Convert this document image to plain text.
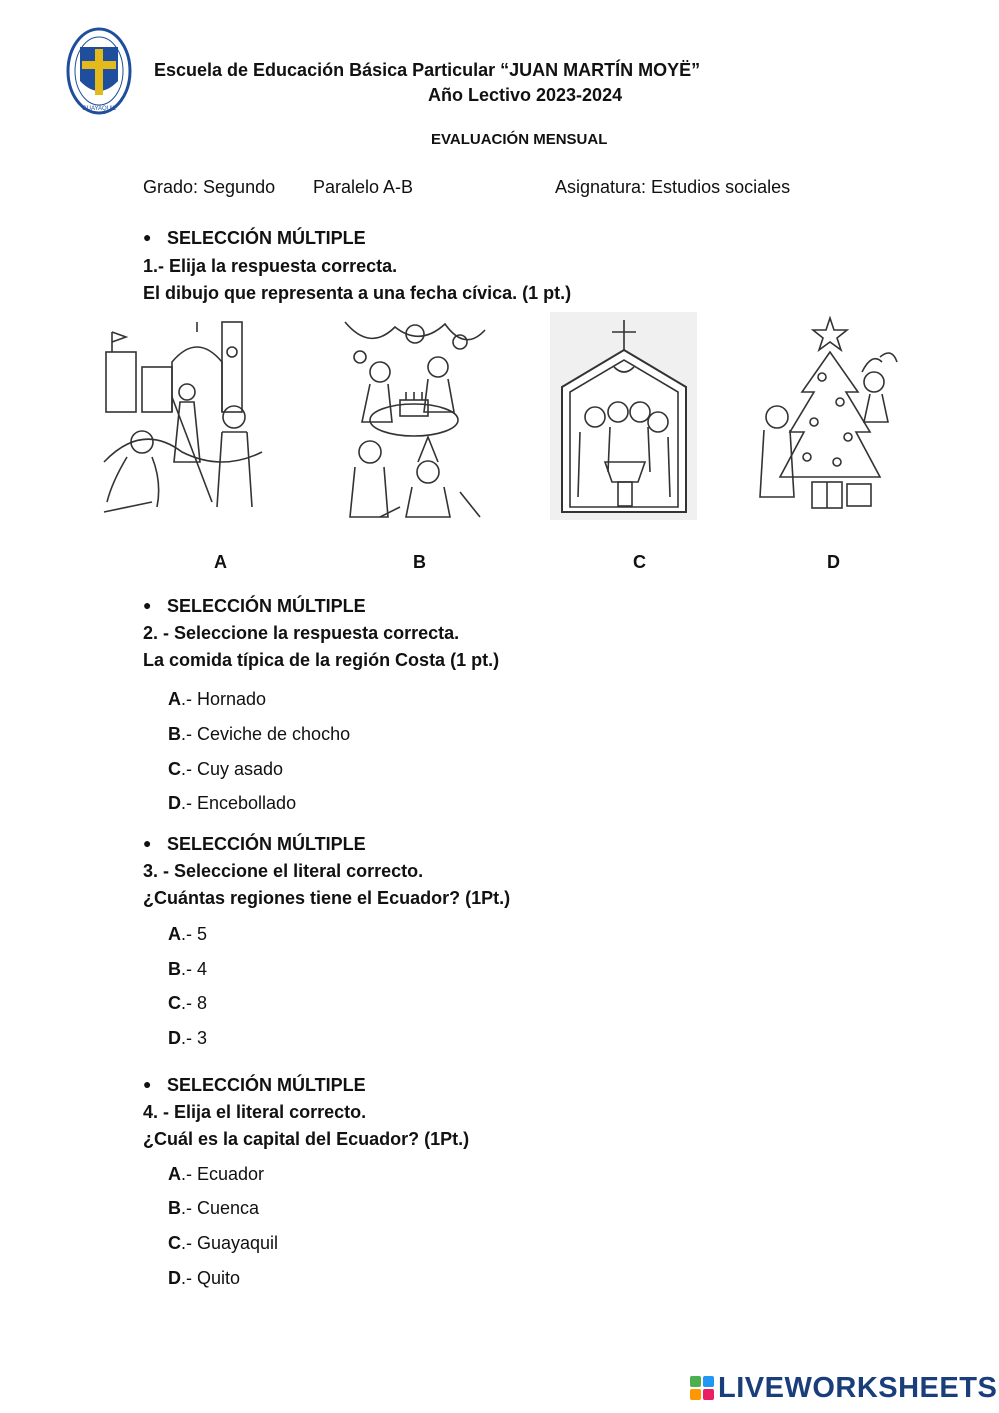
GUAYAQUIL
Escuela de Educación Básica Particular “JUAN MARTÍN MOYË”
Año Lectivo 2023-2024
EVALUACIÓN MENSUAL
Grado: Segundo Paralelo A-B	Asignatura: Estudios sociales
● SELECCIÓN MÚLTIPLE
1.- Elija la respuesta correcta.
El dibujo que representa a una fecha cívica. (1 pt.)
A	B	C	D
● SELECCIÓN MÚLTIPLE
2. - Seleccione la respuesta correcta.
La comida típica de la región Costa (1 pt.)
A.- Hornado
B.- Ceviche de chocho
C.- Cuy asado
D.- Encebollado
● SELECCIÓN MÚLTIPLE
3. - Seleccione el literal correcto.
¿Cuántas regiones tiene el Ecuador? (1Pt.)
A.- 5
B.- 4
C.- 8
D.- 3
● SELECCIÓN MÚLTIPLE
4. - Elija el literal correcto.
¿Cuál es la capital del Ecuador? (1Pt.)
A.- Ecuador
B.- Cuenca
C.- Guayaquil
D.- Quito
LIVEWORKSHEETS
